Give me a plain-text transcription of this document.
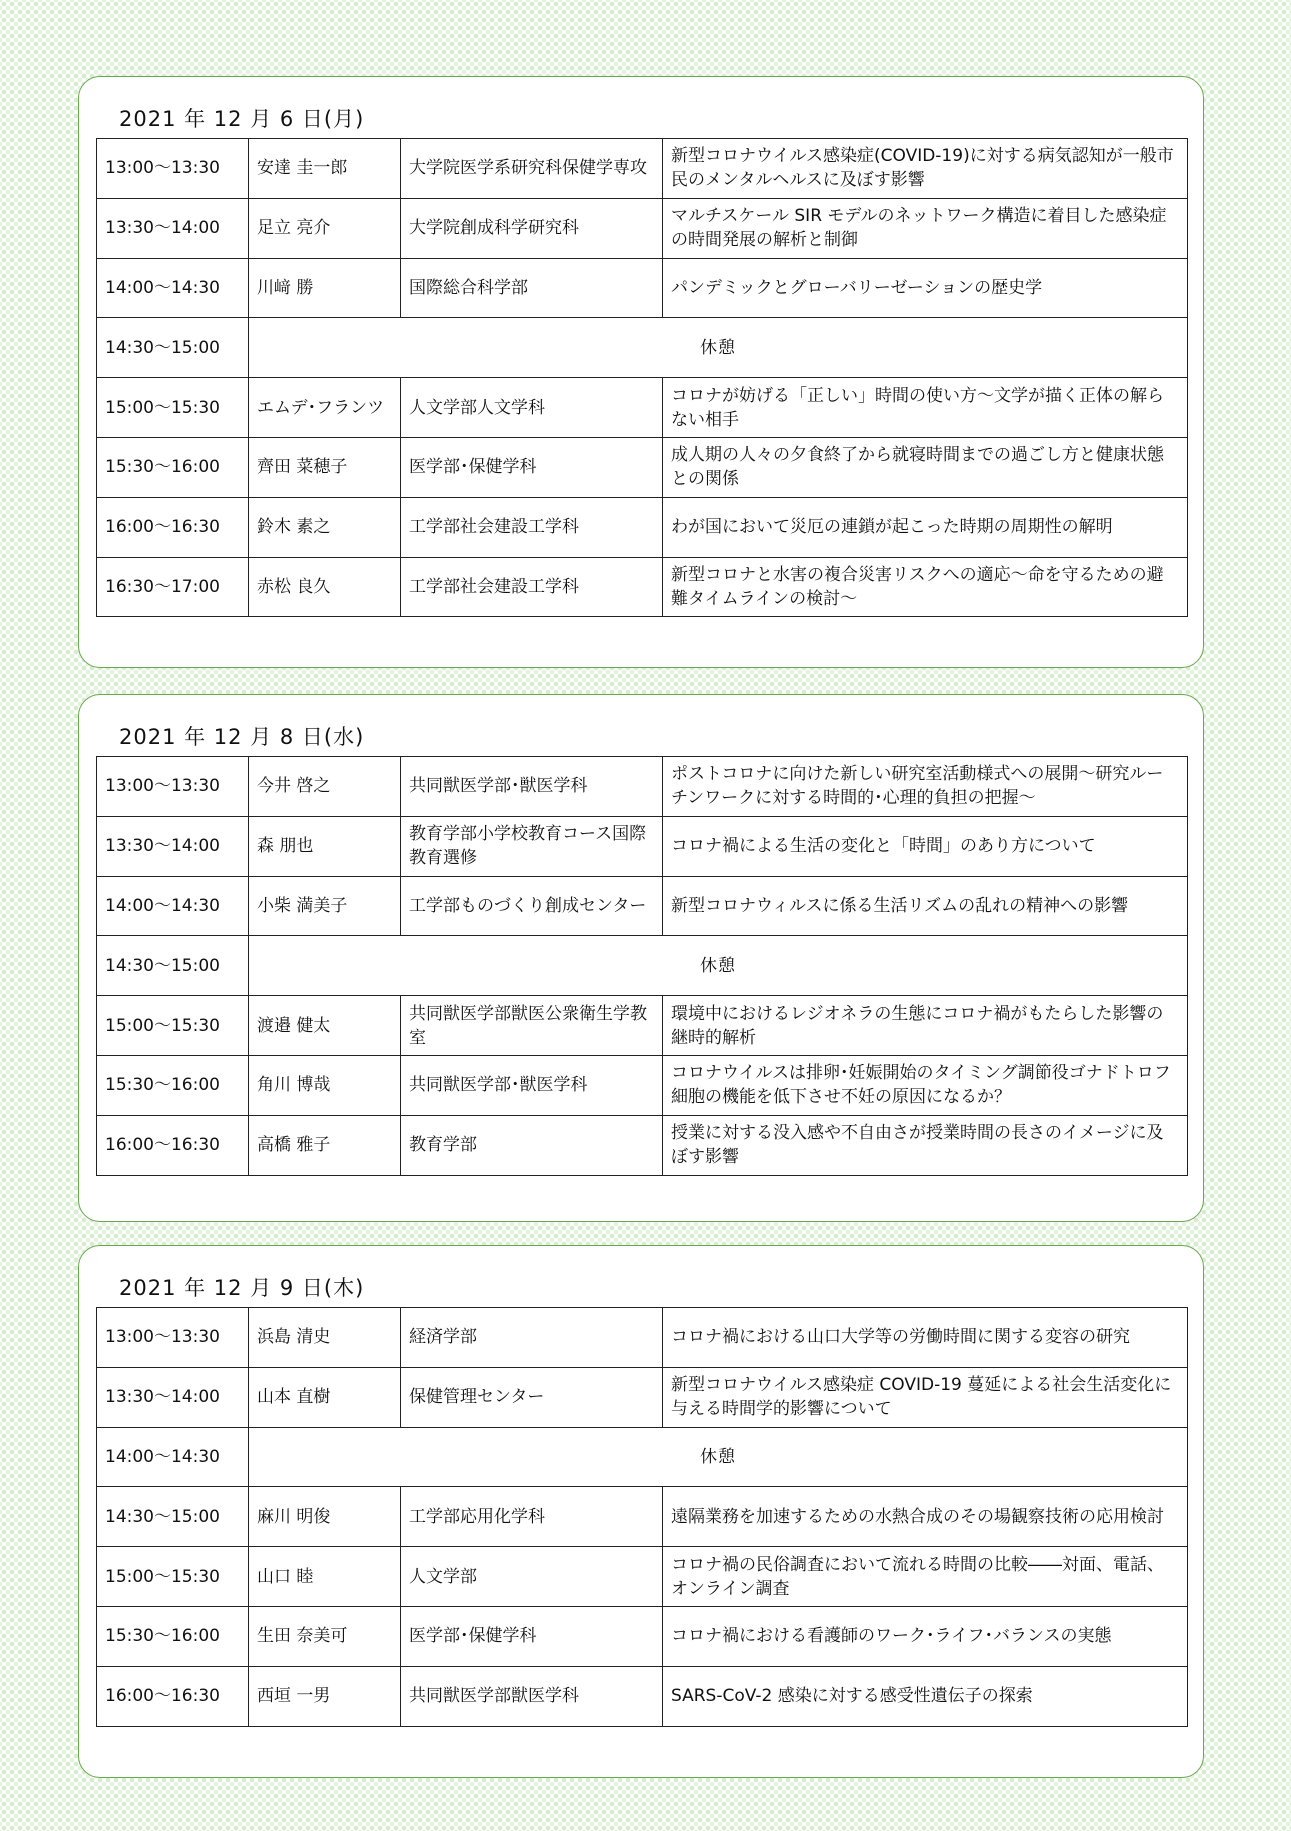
2021 年 12 月 6 日(月)
13:00～13:30	安達 圭一郎	大学院医学系研究科保健学専攻	新型コロナウイルス感染症(COVID-19)に対する病気認知が一般市民のメンタルヘルスに及ぼす影響
13:30～14:00	足立 亮介	大学院創成科学研究科	マルチスケール SIR モデルのネットワーク構造に着目した感染症の時間発展の解析と制御
14:00～14:30	川﨑 勝	国際総合科学部	パンデミックとグローバリーゼーションの歴史学
14:30～15:00	休憩		
15:00～15:30	エムデ･フランツ	人文学部人文学科	コロナが妨げる「正しい」時間の使い方～文学が描く正体の解らない相手
15:30～16:00	齊田 菜穂子	医学部･保健学科	成人期の人々の夕食終了から就寝時間までの過ごし方と健康状態との関係
16:00～16:30	鈴木 素之	工学部社会建設工学科	わが国において災厄の連鎖が起こった時期の周期性の解明
16:30～17:00	赤松 良久	工学部社会建設工学科	新型コロナと水害の複合災害リスクへの適応～命を守るための避難タイムラインの検討～
2021 年 12 月 8 日(水)
13:00～13:30	今井 啓之	共同獣医学部･獣医学科	ポストコロナに向けた新しい研究室活動様式への展開～研究ルーチンワークに対する時間的･心理的負担の把握～
13:30～14:00	森 朋也	教育学部小学校教育コース国際教育選修	コロナ禍による生活の変化と「時間」のあり方について
14:00～14:30	小柴 満美子	工学部ものづくり創成センター	新型コロナウィルスに係る生活リズムの乱れの精神への影響
14:30～15:00	休憩		
15:00～15:30	渡邉 健太	共同獣医学部獣医公衆衛生学教室	環境中におけるレジオネラの生態にコロナ禍がもたらした影響の継時的解析
15:30～16:00	角川 博哉	共同獣医学部･獣医学科	コロナウイルスは排卵･妊娠開始のタイミング調節役ゴナドトロフ細胞の機能を低下させ不妊の原因になるか？
16:00～16:30	高橋 雅子	教育学部	授業に対する没入感や不自由さが授業時間の長さのイメージに及ぼす影響
2021 年 12 月 9 日(木)
13:00～13:30	浜島 清史	経済学部	コロナ禍における山口大学等の労働時間に関する変容の研究
13:30～14:00	山本 直樹	保健管理センター	新型コロナウイルス感染症 COVID-19 蔓延による社会生活変化に与える時間学的影響について
14:00～14:30	休憩		
14:30～15:00	麻川 明俊	工学部応用化学科	遠隔業務を加速するための水熱合成のその場観察技術の応用検討
15:00～15:30	山口 睦	人文学部	コロナ禍の民俗調査において流れる時間の比較――対面、電話、オンライン調査
15:30～16:00	生田 奈美可	医学部･保健学科	コロナ禍における看護師のワーク･ライフ･バランスの実態
16:00～16:30	西垣 一男	共同獣医学部獣医学科	SARS-CoV-2 感染に対する感受性遺伝子の探索
